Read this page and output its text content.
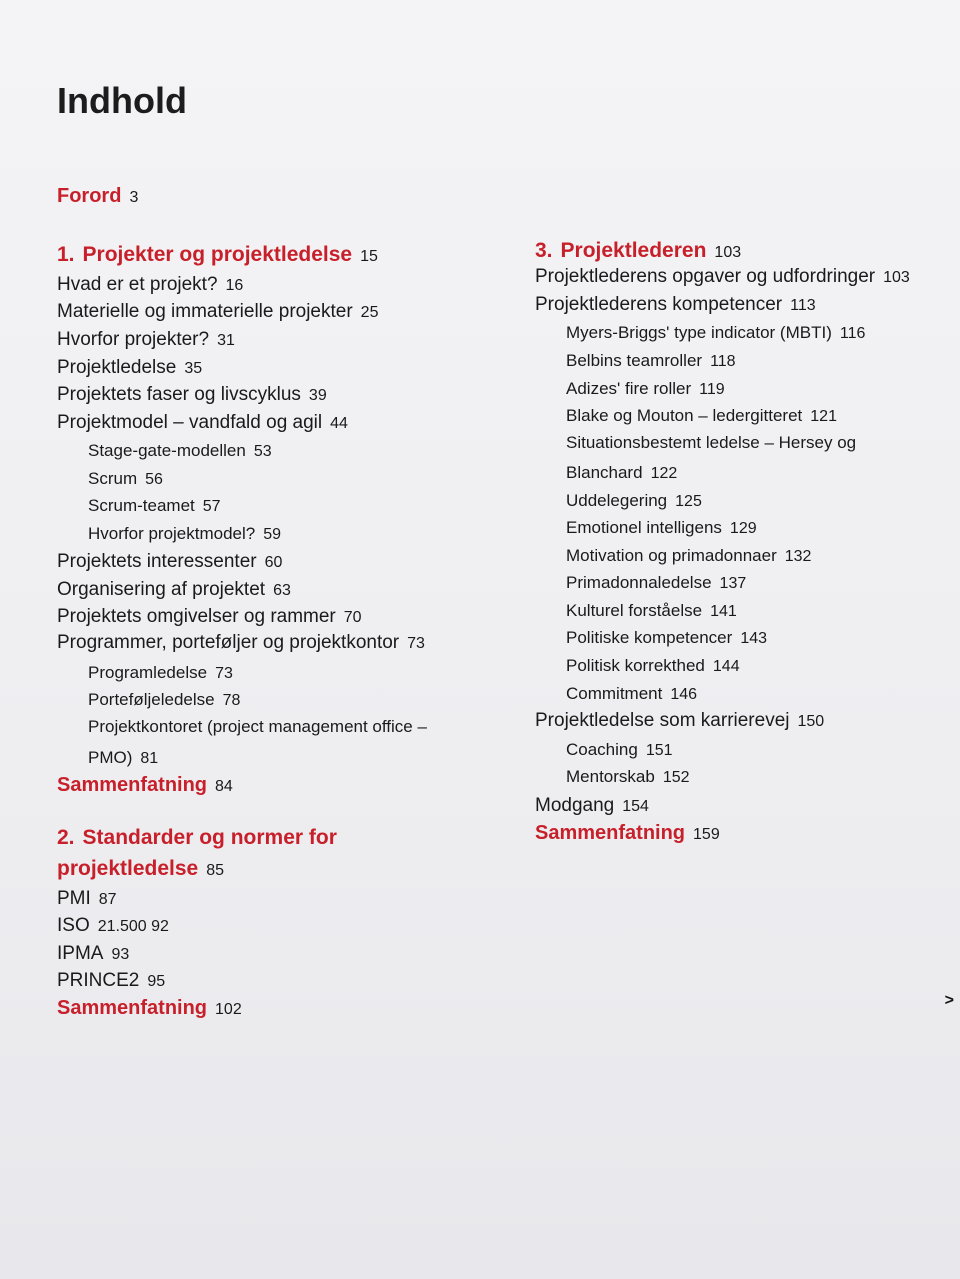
Indhold
Forord 3
1. Projekter og projektledelse 15
Hvad er et projekt? 16
Materielle og immaterielle projekter 25
Hvorfor projekter? 31
Projektledelse 35
Projektets faser og livscyklus 39
Projektmodel – vandfald og agil 44
Stage-gate-modellen 53
Scrum 56
Scrum-teamet 57
Hvorfor projektmodel? 59
Projektets interessenter 60
Organisering af projektet 63
Projektets omgivelser og rammer 70
Programmer, porteføljer og projektkontor 73
Programledelse 73
Porteføljeledelse 78
Projektkontoret (project management office –
PMO) 81
Sammenfatning 84
2. Standarder og normer for
projektledelse 85
PMI 87
ISO 21.500 92
IPMA 93
PRINCE2 95
Sammenfatning 102
3. Projektlederen 103
Projektlederens opgaver og udfordringer 103
Projektlederens kompetencer 113
Myers-Briggs' type indicator (MBTI) 116
Belbins teamroller 118
Adizes' fire roller 119
Blake og Mouton – ledergitteret 121
Situationsbestemt ledelse – Hersey og
Blanchard 122
Uddelegering 125
Emotionel intelligens 129
Motivation og primadonnaer 132
Primadonnaledelse 137
Kulturel forståelse 141
Politiske kompetencer 143
Politisk korrekthed 144
Commitment 146
Projektledelse som karrierevej 150
Coaching 151
Mentorskab 152
Modgang 154
Sammenfatning 159
>
